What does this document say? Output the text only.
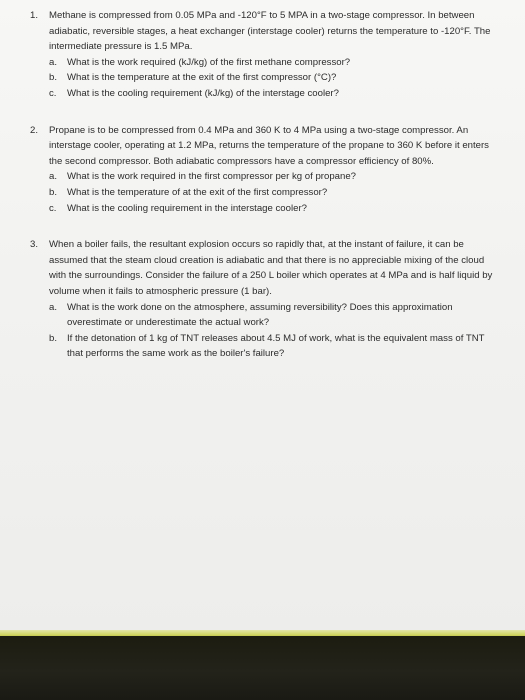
1. Methane is compressed from 0.05 MPa and -120°F to 5 MPA in a two-stage compressor. In between adiabatic, reversible stages, a heat exchanger (interstage cooler) returns the temperature to -120°F. The intermediate pressure is 1.5 MPa.
a. What is the work required (kJ/kg) of the first methane compressor?
b. What is the temperature at the exit of the first compressor (°C)?
c. What is the cooling requirement (kJ/kg) of the interstage cooler?
2. Propane is to be compressed from 0.4 MPa and 360 K to 4 MPa using a two-stage compressor. An interstage cooler, operating at 1.2 MPa, returns the temperature of the propane to 360 K before it enters the second compressor. Both adiabatic compressors have a compressor efficiency of 80%.
a. What is the work required in the first compressor per kg of propane?
b. What is the temperature of at the exit of the first compressor?
c. What is the cooling requirement in the interstage cooler?
3. When a boiler fails, the resultant explosion occurs so rapidly that, at the instant of failure, it can be assumed that the steam cloud creation is adiabatic and that there is no appreciable mixing of the cloud with the surroundings. Consider the failure of a 250 L boiler which operates at 4 MPa and is half liquid by volume when it fails to atmospheric pressure (1 bar).
a. What is the work done on the atmosphere, assuming reversibility? Does this approximation overestimate or underestimate the actual work?
b. If the detonation of 1 kg of TNT releases about 4.5 MJ of work, what is the equivalent mass of TNT that performs the same work as the boiler's failure?
